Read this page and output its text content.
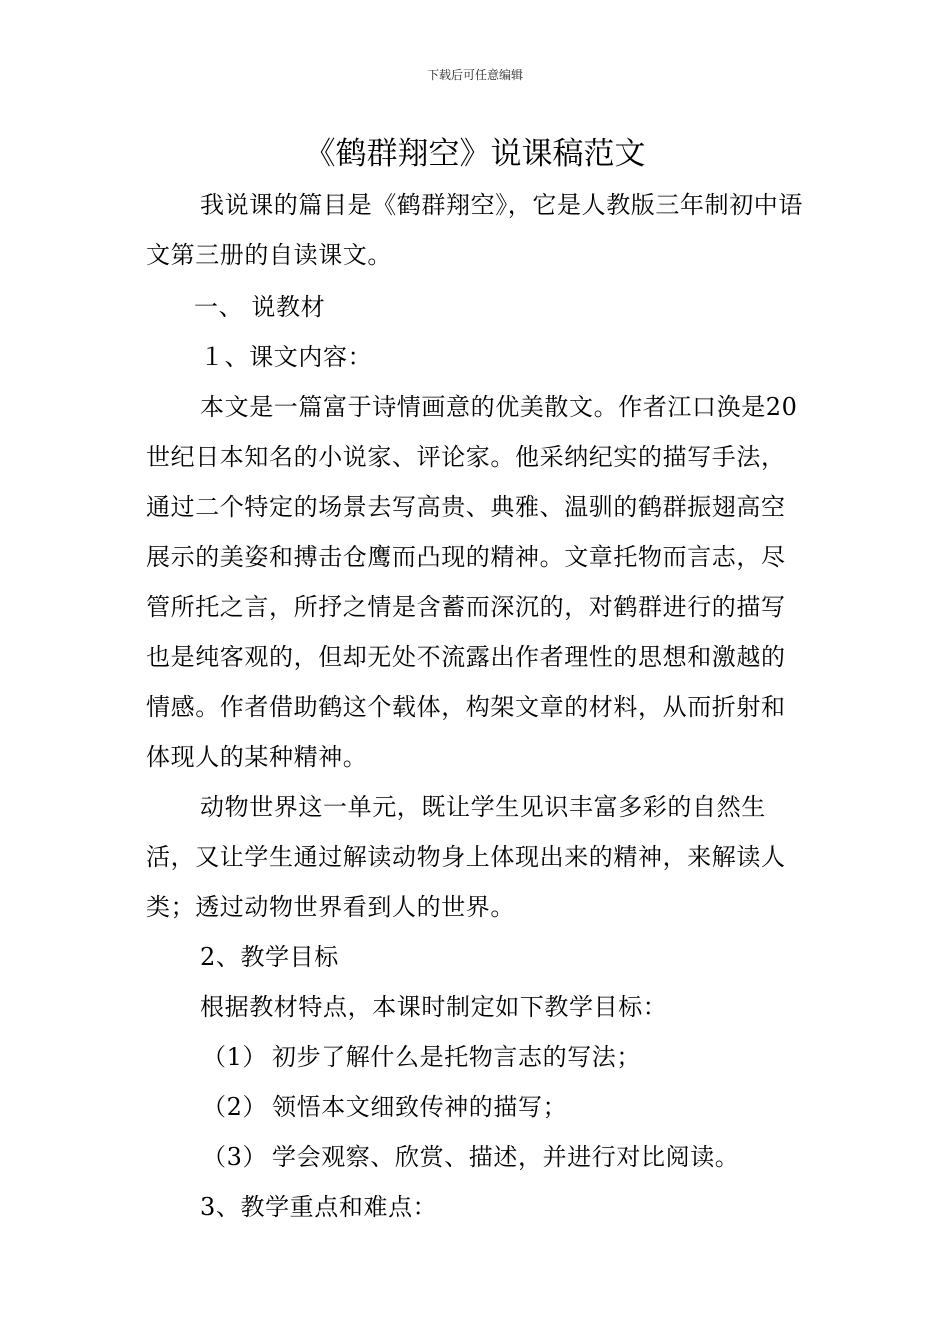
下载后可任意编辑
《鹤群翔空》说课稿范文

我说课的篇目是《鹤群翔空》，它是人教版三年制初中语文第三册的自读课文。

一、 说教材

１、课文内容：

本文是一篇富于诗情画意的优美散文。作者江口涣是20世纪日本知名的小说家、评论家。他采纳纪实的描写手法，通过二个特定的场景去写高贵、典雅、温驯的鹤群振翅高空展示的美姿和搏击仓鹰而凸现的精神。文章托物而言志，尽管所托之言，所抒之情是含蓄而深沉的，对鹤群进行的描写也是纯客观的，但却无处不流露出作者理性的思想和激越的情感。作者借助鹤这个载体，构架文章的材料，从而折射和体现人的某种精神。

动物世界这一单元，既让学生见识丰富多彩的自然生活，又让学生通过解读动物身上体现出来的精神，来解读人类；透过动物世界看到人的世界。

2、教学目标

根据教材特点，本课时制定如下教学目标：

（1） 初步了解什么是托物言志的写法；

（2） 领悟本文细致传神的描写；

（3） 学会观察、欣赏、描述，并进行对比阅读。

3、教学重点和难点：
